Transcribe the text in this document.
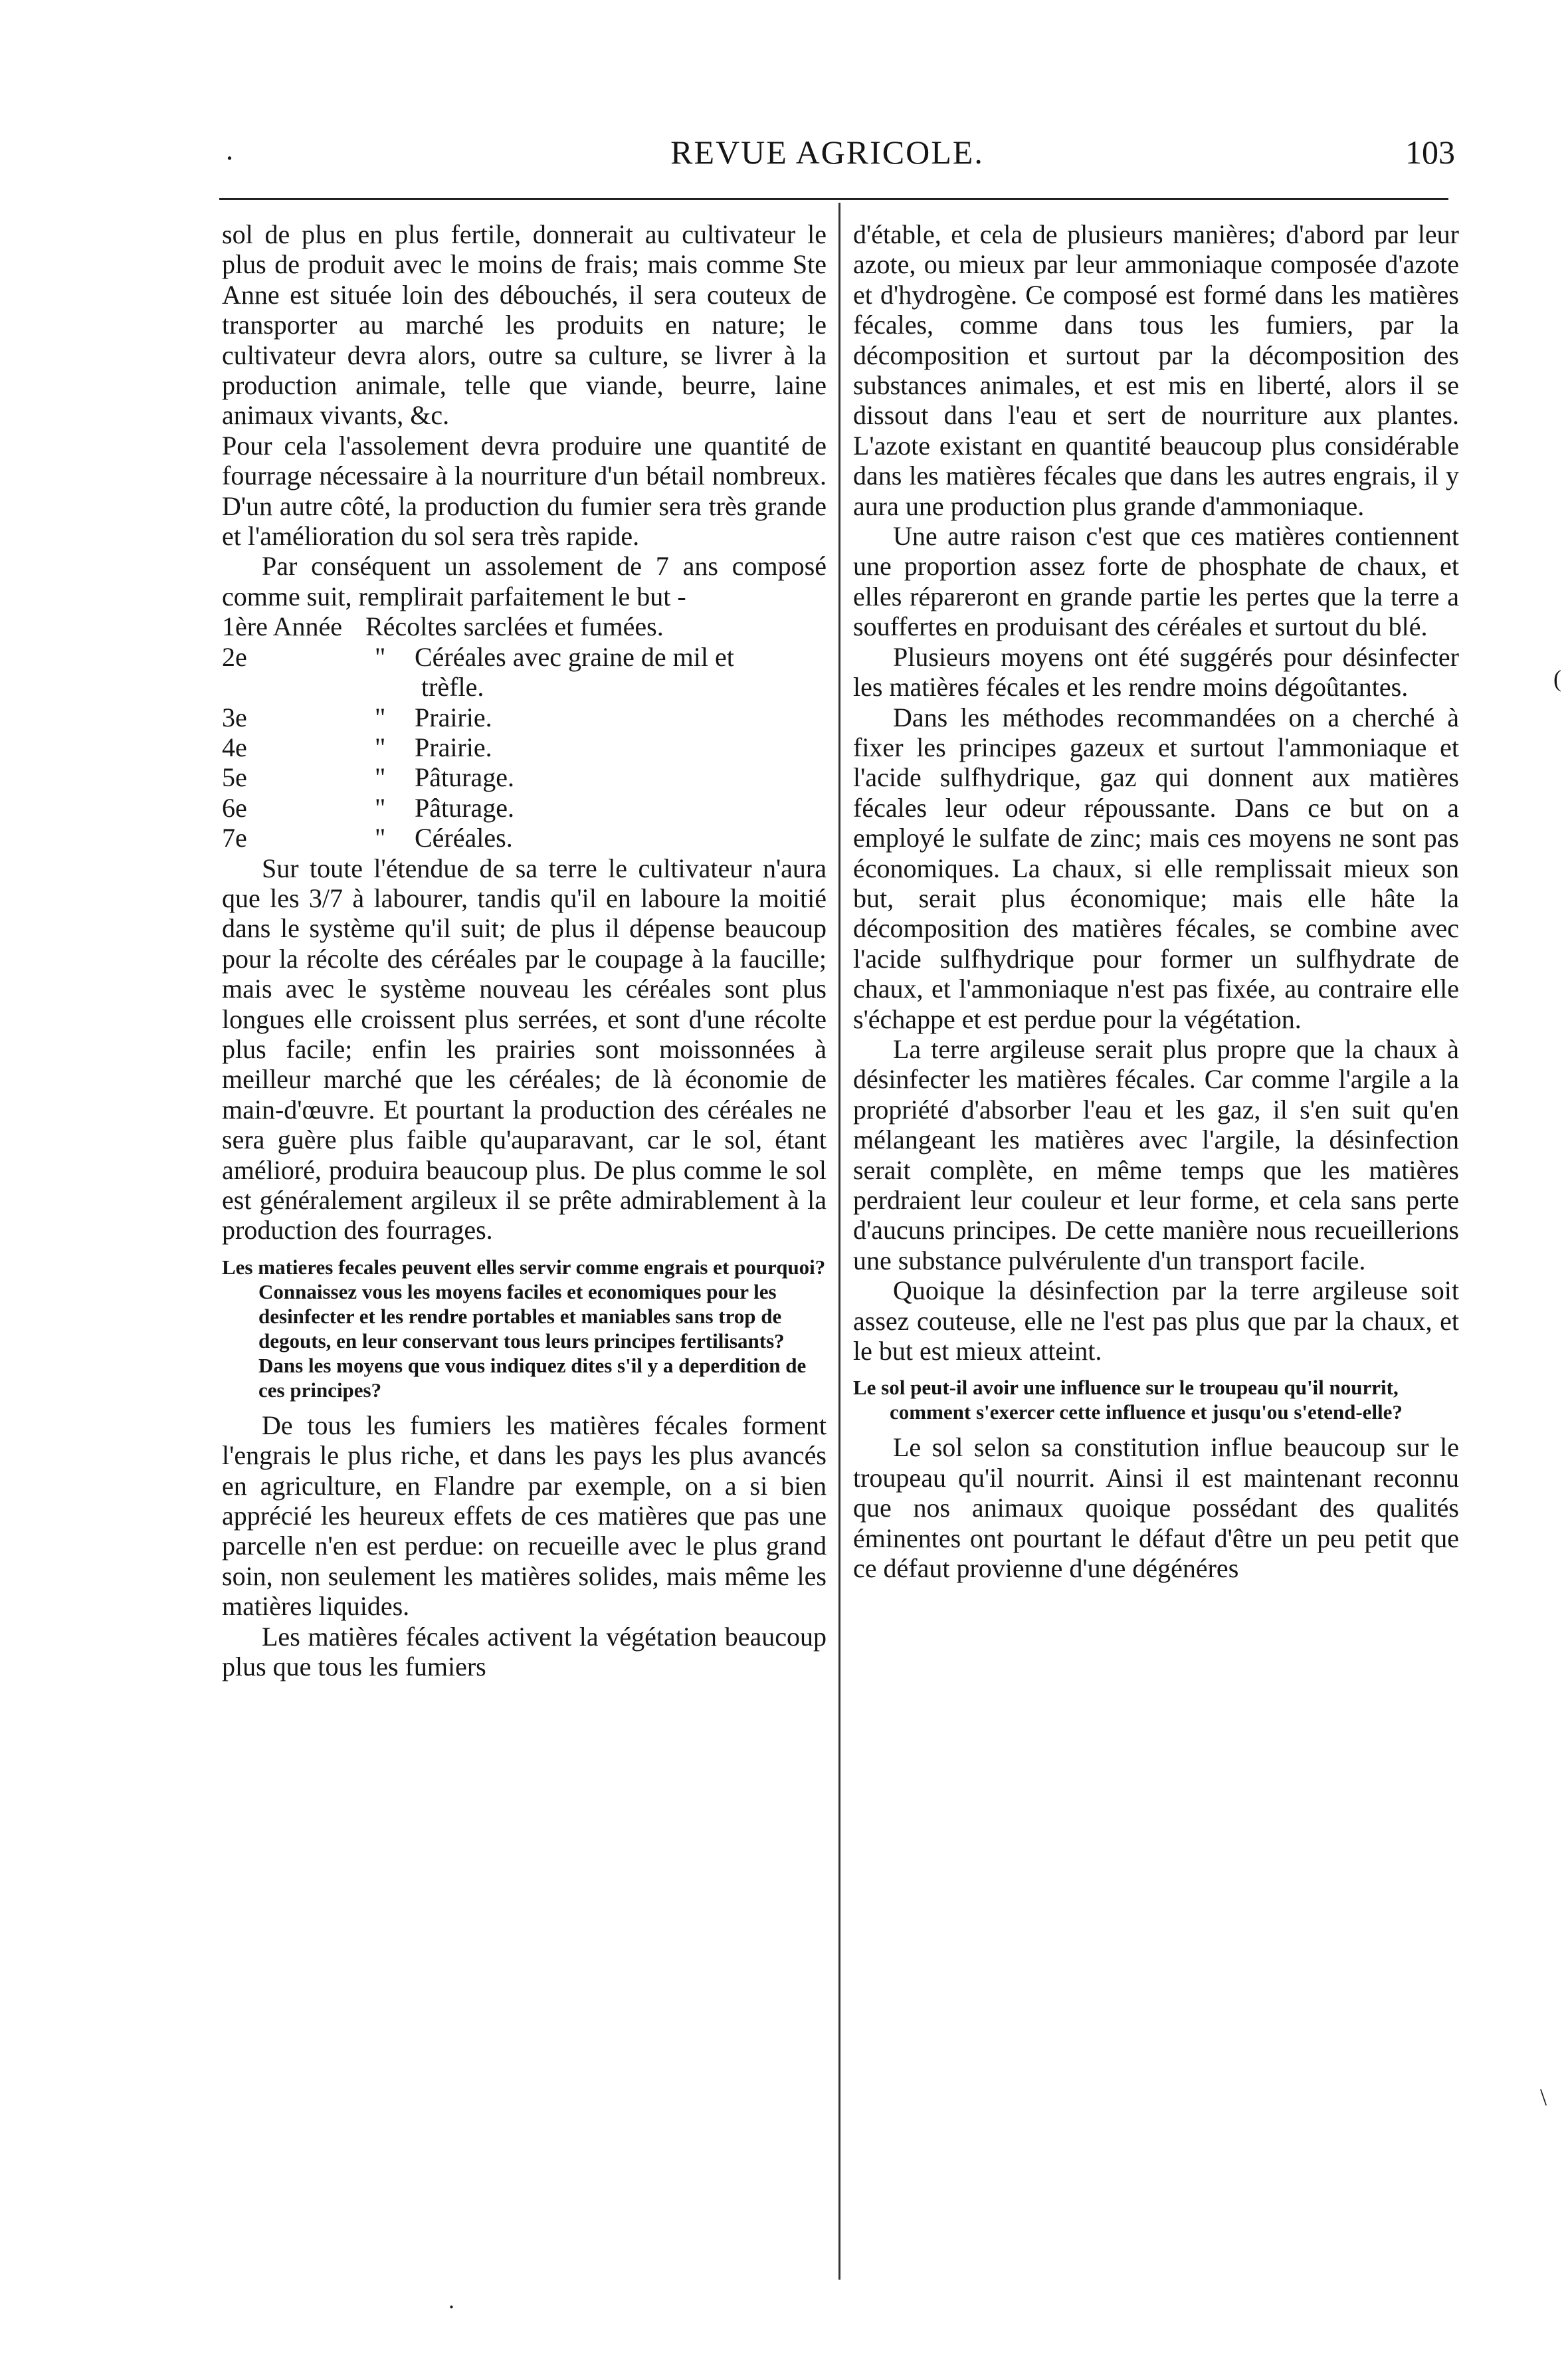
.	REVUE AGRICOLE.	103

sol de plus en plus fertile, donnerait au cultivateur le plus de produit avec le moins de frais; mais comme Ste Anne est située loin des débouchés, il sera couteux de transporter au marché les produits en nature; le cultivateur devra alors, outre sa culture, se livrer à la production animale, telle que viande, beurre, laine animaux vivants, &c.

Pour cela l'assolement devra produire une quantité de fourrage nécessaire à la nourriture d'un bétail nombreux. D'un autre côté, la production du fumier sera très grande et l'amélioration du sol sera très rapide.

Par conséquent un assolement de 7 ans composé comme suit, remplirait parfaitement le but -

1ère Année Récoltes sarclées et fumées.
2e	"	Céréales avec graine de mil et
trèfle.
3e	"	Prairie.
4e	"	Prairie.
5e	"	Pâturage.
6e	"	Pâturage.
7e	"	Céréales.

Sur toute l'étendue de sa terre le cultivateur n'aura que les 3/7 à labourer, tandis qu'il en laboure la moitié dans le système qu'il suit; de plus il dépense beaucoup pour la récolte des céréales par le coupage à la faucille; mais avec le système nouveau les céréales sont plus longues elle croissent plus serrées, et sont d'une récolte plus facile; enfin les prairies sont moissonnées à meilleur marché que les céréales; de là économie de main-d'œuvre. Et pourtant la production des céréales ne sera guère plus faible qu'auparavant, car le sol, étant amélioré, produira beaucoup plus. De plus comme le sol est généralement argileux il se prête admirablement à la production des fourrages.

Les matieres fecales peuvent elles servir comme engrais et pourquoi? Connaissez vous les moyens faciles et economiques pour les desinfecter et les rendre portables et maniables sans trop de degouts, en leur conservant tous leurs principes fertilisants? Dans les moyens que vous indiquez dites s'il y a deperdition de ces principes?

De tous les fumiers les matières fécales forment l'engrais le plus riche, et dans les pays les plus avancés en agriculture, en Flandre par exemple, on a si bien apprécié les heureux effets de ces matières que pas une parcelle n'en est perdue: on recueille avec le plus grand soin, non seulement les matières solides, mais même les matières liquides.

Les matières fécales activent la végétation beaucoup plus que tous les fumiers

d'étable, et cela de plusieurs manières; d'abord par leur azote, ou mieux par leur ammoniaque composée d'azote et d'hydrogène. Ce composé est formé dans les matières fécales, comme dans tous les fumiers, par la décomposition et surtout par la décomposition des substances animales, et est mis en liberté, alors il se dissout dans l'eau et sert de nourriture aux plantes. L'azote existant en quantité beaucoup plus considérable dans les matières fécales que dans les autres engrais, il y aura une production plus grande d'ammoniaque.

Une autre raison c'est que ces matières contiennent une proportion assez forte de phosphate de chaux, et elles répareront en grande partie les pertes que la terre a souffertes en produisant des céréales et surtout du blé.

Plusieurs moyens ont été suggérés pour désinfecter les matières fécales et les rendre moins dégoûtantes.

Dans les méthodes recommandées on a cherché à fixer les principes gazeux et surtout l'ammoniaque et l'acide sulfhydrique, gaz qui donnent aux matières fécales leur odeur répoussante. Dans ce but on a employé le sulfate de zinc; mais ces moyens ne sont pas économiques. La chaux, si elle remplissait mieux son but, serait plus économique; mais elle hâte la décomposition des matières fécales, se combine avec l'acide sulfhydrique pour former un sulfhydrate de chaux, et l'ammoniaque n'est pas fixée, au contraire elle s'échappe et est perdue pour la végétation.

La terre argileuse serait plus propre que la chaux à désinfecter les matières fécales. Car comme l'argile a la propriété d'absorber l'eau et les gaz, il s'en suit qu'en mélangeant les matières avec l'argile, la désinfection serait complète, en même temps que les matières perdraient leur couleur et leur forme, et cela sans perte d'aucuns principes. De cette manière nous recueillerions une substance pulvérulente d'un transport facile.

Quoique la désinfection par la terre argileuse soit assez couteuse, elle ne l'est pas plus que par la chaux, et le but est mieux atteint.

Le sol peut-il avoir une influence sur le troupeau qu'il nourrit, comment s'exercer cette influence et jusqu'ou s'etend-elle?

Le sol selon sa constitution influe beaucoup sur le troupeau qu'il nourrit. Ainsi il est maintenant reconnu que nos animaux quoique possédant des qualités éminentes ont pourtant le défaut d'être un peu petit que ce défaut provienne d'une dégénéres

(
\
.
